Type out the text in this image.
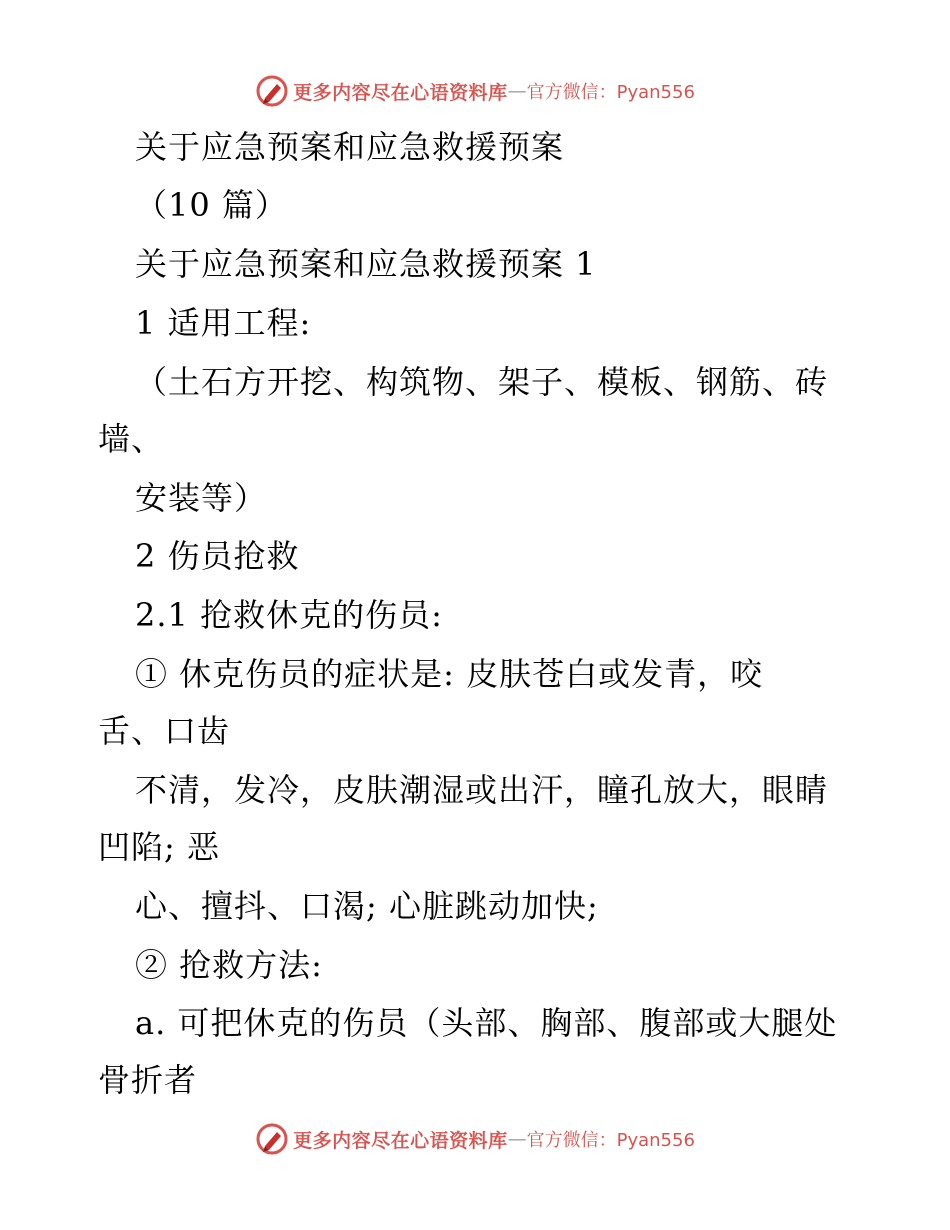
更多内容尽在心语资料库 — 官方微信：Pyan556
关于应急预案和应急救援预案
（10 篇）
关于应急预案和应急救援预案 1
1 适用工程:
（土石方开挖、构筑物、架子、模板、钢筋、砖
墙、
安装等）
2 伤员抢救
2.1 抢救休克的伤员:
① 休克伤员的症状是: 皮肤苍白或发青，咬
舌、口齿
不清，发冷，皮肤潮湿或出汗，瞳孔放大，眼睛
凹陷; 恶
心、擅抖、口渴; 心脏跳动加快;
② 抢救方法:
a. 可把休克的伤员（头部、胸部、腹部或大腿处
骨折者
更多内容尽在心语资料库 — 官方微信：Pyan556
